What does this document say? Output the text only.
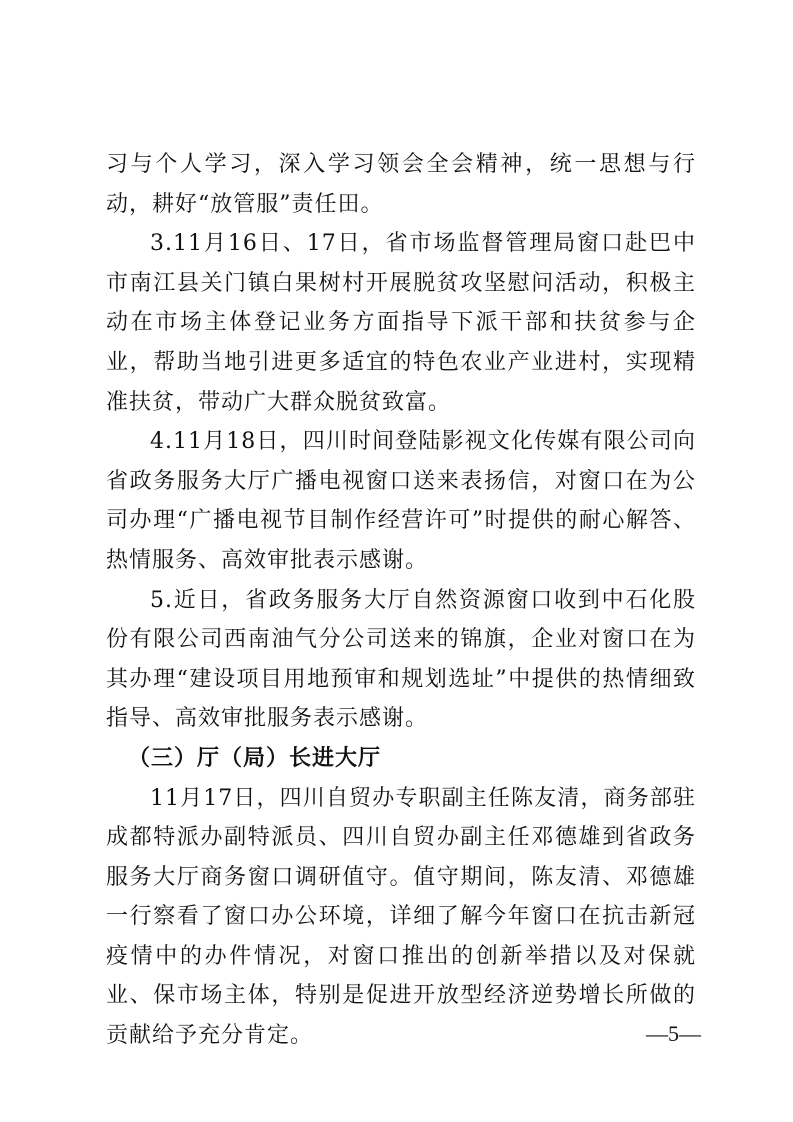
习与个人学习，深入学习领会全会精神，统一思想与行动，耕好“放管服”责任田。

3.11月16日、17日，省市场监督管理局窗口赴巴中市南江县关门镇白果树村开展脱贫攻坚慰问活动，积极主动在市场主体登记业务方面指导下派干部和扶贫参与企业，帮助当地引进更多适宜的特色农业产业进村，实现精准扶贫，带动广大群众脱贫致富。

4.11月18日，四川时间登陆影视文化传媒有限公司向省政务服务大厅广播电视窗口送来表扬信，对窗口在为公司办理“广播电视节目制作经营许可”时提供的耐心解答、热情服务、高效审批表示感谢。

5.近日，省政务服务大厅自然资源窗口收到中石化股份有限公司西南油气分公司送来的锦旗，企业对窗口在为其办理“建设项目用地预审和规划选址”中提供的热情细致指导、高效审批服务表示感谢。

（三）厅（局）长进大厅

11月17日，四川自贸办专职副主任陈友清，商务部驻成都特派办副特派员、四川自贸办副主任邓德雄到省政务服务大厅商务窗口调研值守。值守期间，陈友清、邓德雄一行察看了窗口办公环境，详细了解今年窗口在抗击新冠疫情中的办件情况，对窗口推出的创新举措以及对保就业、保市场主体，特别是促进开放型经济逆势增长所做的贡献给予充分肯定。	—5—
